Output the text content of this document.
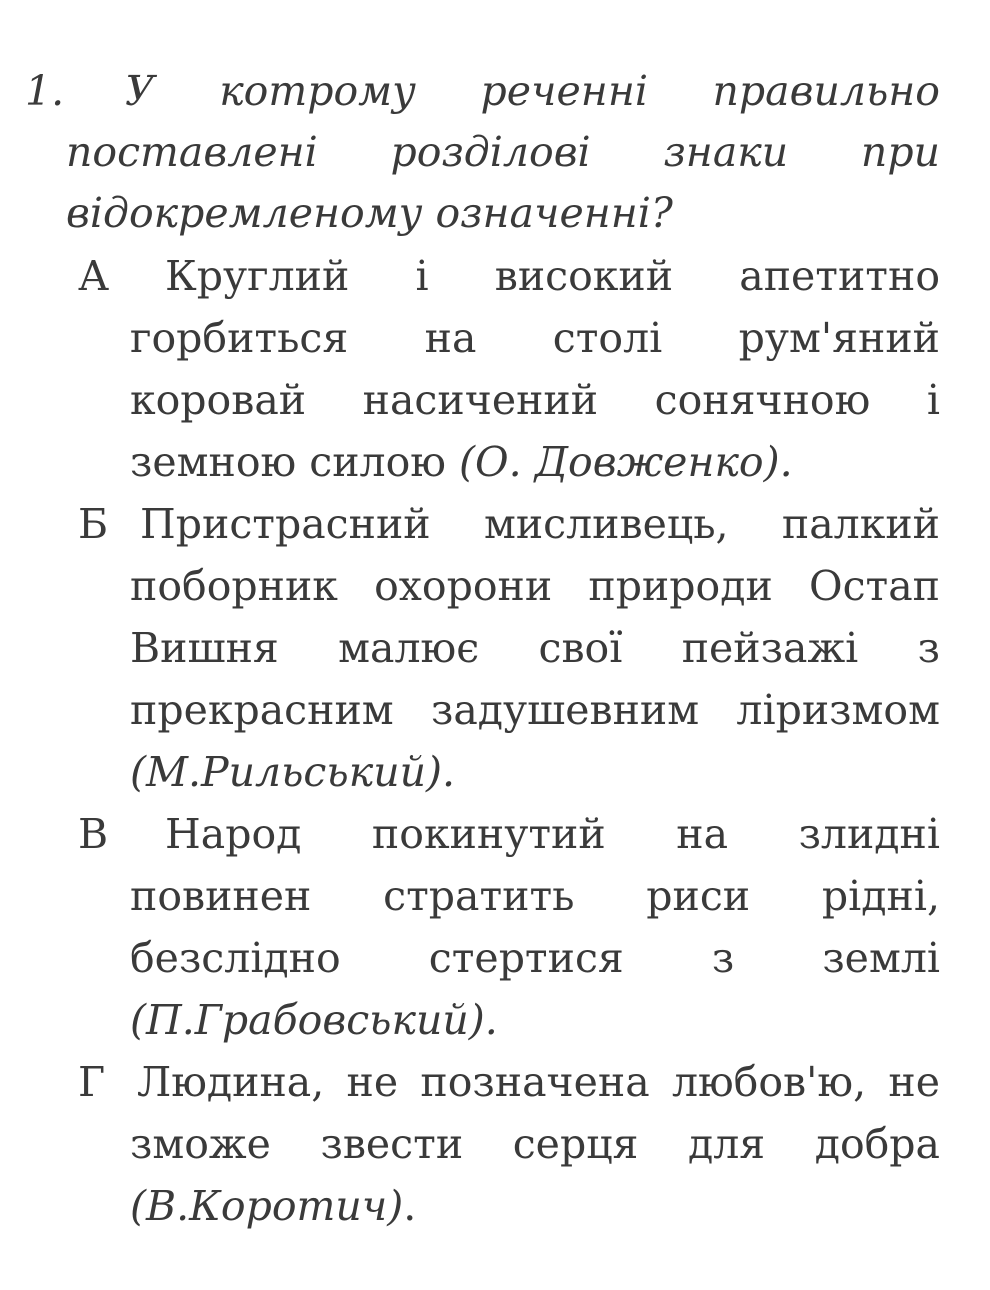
1. У котрому реченні правильно
поставлені розділові знаки при
відокремленому означенні?
А Круглий і високий апетитно
горбиться на столі рум'яний
коровай насичений сонячною і
земною силою (О. Довженко).
Б Пристрасний мисливець, палкий
поборник охорони природи Остап
Вишня малює свої пейзажі з
прекрасним задушевним ліризмом
(М.Рильський).
В Народ покинутий на злидні
повинен стратить риси рідні,
безслідно стертися з землі
(П.Грабовський).
Г Людина, не позначена любов'ю, не
зможе звести серця для добра
(В.Коротич).
